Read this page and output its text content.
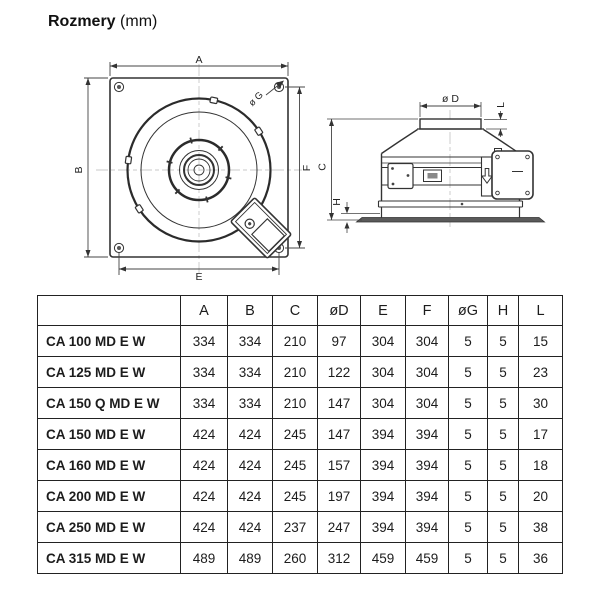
Rozmery (mm)
A
B
E
F
ø G	ø D	L
C
H
	A	B	C	øD	E	F	øG	H	L
CA 100 MD E W	334	334	210	97	304	304	5	5	15
CA 125 MD E W	334	334	210	122	304	304	5	5	23
CA 150 Q MD E W	334	334	210	147	304	304	5	5	30
CA 150 MD E W	424	424	245	147	394	394	5	5	17
CA 160 MD E W	424	424	245	157	394	394	5	5	18
CA 200 MD E W	424	424	245	197	394	394	5	5	20
CA 250 MD E W	424	424	237	247	394	394	5	5	38
CA 315 MD E W	489	489	260	312	459	459	5	5	36
